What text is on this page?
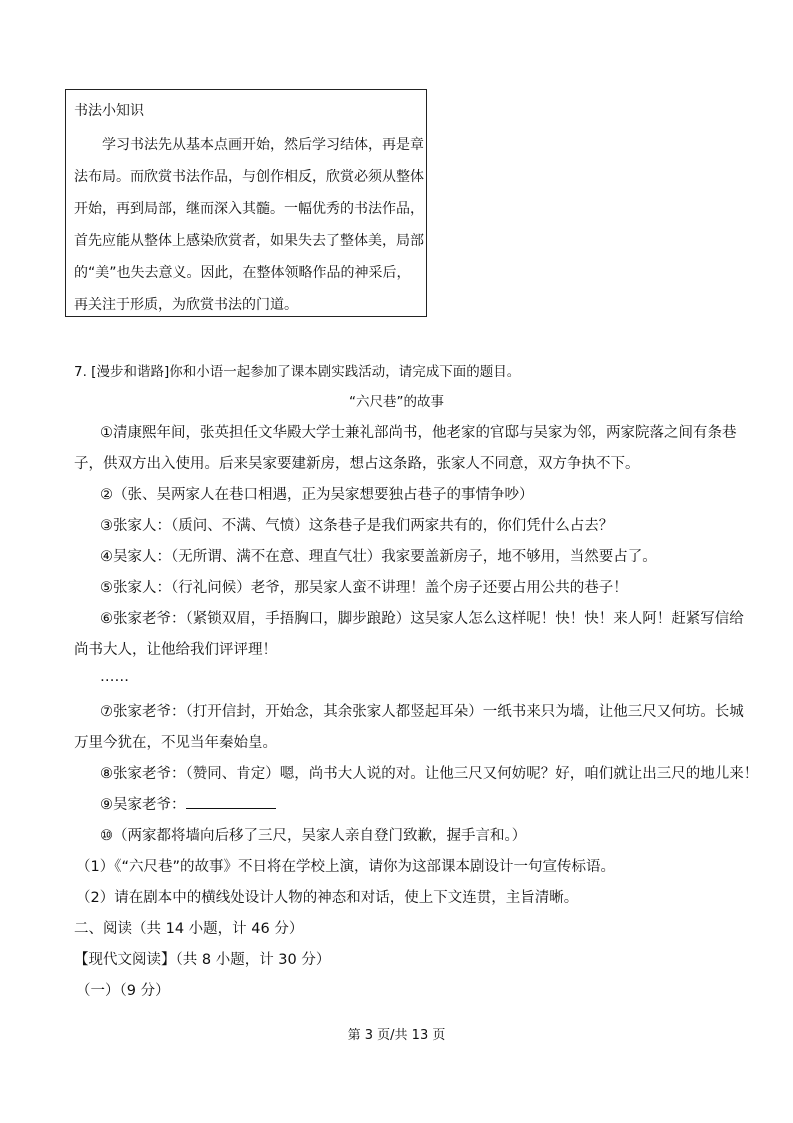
书法小知识
学习书法先从基本点画开始，然后学习结体，再是章
法布局。而欣赏书法作品，与创作相反，欣赏必须从整体
开始，再到局部，继而深入其髓。一幅优秀的书法作品，
首先应能从整体上感染欣赏者，如果失去了整体美，局部
的“美”也失去意义。因此，在整体领略作品的神采后，
再关注于形质，为欣赏书法的门道。
7. [漫步和谐路]你和小语一起参加了课本剧实践活动，请完成下面的题目。
“六尺巷”的故事
①清康熙年间，张英担任文华殿大学士兼礼部尚书，他老家的官邸与吴家为邻，两家院落之间有条巷
子，供双方出入使用。后来吴家要建新房，想占这条路，张家人不同意，双方争执不下。
②（张、吴两家人在巷口相遇，正为吴家想要独占巷子的事情争吵）
③张家人：（质问、不满、气愤）这条巷子是我们两家共有的，你们凭什么占去？
④吴家人：（无所谓、满不在意、理直气壮）我家要盖新房子，地不够用，当然要占了。
⑤张家人：（行礼问候）老爷，那吴家人蛮不讲理！盖个房子还要占用公共的巷子！
⑥张家老爷：（紧锁双眉，手捂胸口，脚步踉跄）这吴家人怎么这样呢！快！快！来人阿！赶紧写信给
尚书大人，让他给我们评评理！
……
⑦张家老爷：（打开信封，开始念，其余张家人都竖起耳朵）一纸书来只为墙，让他三尺又何坊。长城
万里今犹在，不见当年秦始皇。
⑧张家老爷：（赞同、肯定）嗯，尚书大人说的对。让他三尺又何妨呢？好，咱们就让出三尺的地儿来！
⑨吴家老爷：
⑩（两家都将墙向后移了三尺，吴家人亲自登门致歉，握手言和。）
（1）《“六尺巷”的故事》不日将在学校上演，请你为这部课本剧设计一句宣传标语。
（2）请在剧本中的横线处设计人物的神态和对话，使上下文连贯，主旨清晰。
二、阅读（共 14 小题，计 46 分）
【现代文阅读】（共 8 小题，计 30 分）
（一）（9 分）
第 3 页/共 13 页
